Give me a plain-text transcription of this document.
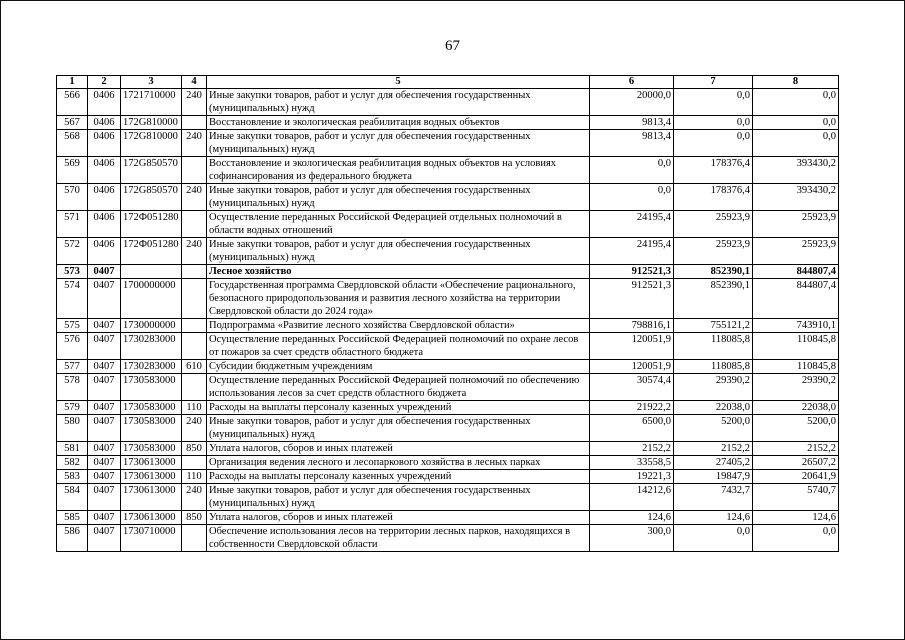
67
1	2	3	4	5	6	7	8
566	0406	1721710000	240	Иные закупки товаров, работ и услуг для обеспечения государственных (муниципальных) нужд	20000,0	0,0	0,0
567	0406	172G810000		Восстановление и экологическая реабилитация водных объектов	9813,4	0,0	0,0
568	0406	172G810000	240	Иные закупки товаров, работ и услуг для обеспечения государственных (муниципальных) нужд	9813,4	0,0	0,0
569	0406	172G850570		Восстановление и экологическая реабилитация водных объектов на условиях софинансирования из федерального бюджета	0,0	178376,4	393430,2
570	0406	172G850570	240	Иные закупки товаров, работ и услуг для обеспечения государственных (муниципальных) нужд	0,0	178376,4	393430,2
571	0406	172Ф051280		Осуществление переданных Российской Федерацией отдельных полномочий в области водных отношений	24195,4	25923,9	25923,9
572	0406	172Ф051280	240	Иные закупки товаров, работ и услуг для обеспечения государственных (муниципальных) нужд	24195,4	25923,9	25923,9
573	0407			Лесное хозяйство	912521,3	852390,1	844807,4
574	0407	1700000000		Государственная программа Свердловской области «Обеспечение рационального, безопасного природопользования и развития лесного хозяйства на территории Свердловской области до 2024 года»	912521,3	852390,1	844807,4
575	0407	1730000000		Подпрограмма «Развитие лесного хозяйства Свердловской области»	798816,1	755121,2	743910,1
576	0407	1730283000		Осуществление переданных Российской Федерацией полномочий по охране лесов от пожаров за счет средств областного бюджета	120051,9	118085,8	110845,8
577	0407	1730283000	610	Субсидии бюджетным учреждениям	120051,9	118085,8	110845,8
578	0407	1730583000		Осуществление переданных Российской Федерацией полномочий по обеспечению использования лесов за счет средств областного бюджета	30574,4	29390,2	29390,2
579	0407	1730583000	110	Расходы на выплаты персоналу казенных учреждений	21922,2	22038,0	22038,0
580	0407	1730583000	240	Иные закупки товаров, работ и услуг для обеспечения государственных (муниципальных) нужд	6500,0	5200,0	5200,0
581	0407	1730583000	850	Уплата налогов, сборов и иных платежей	2152,2	2152,2	2152,2
582	0407	1730613000		Организация ведения лесного и лесопаркового хозяйства в лесных парках	33558,5	27405,2	26507,2
583	0407	1730613000	110	Расходы на выплаты персоналу казенных учреждений	19221,3	19847,9	20641,9
584	0407	1730613000	240	Иные закупки товаров, работ и услуг для обеспечения государственных (муниципальных) нужд	14212,6	7432,7	5740,7
585	0407	1730613000	850	Уплата налогов, сборов и иных платежей	124,6	124,6	124,6
586	0407	1730710000		Обеспечение использования лесов на территории лесных парков, находящихся в собственности Свердловской области	300,0	0,0	0,0
